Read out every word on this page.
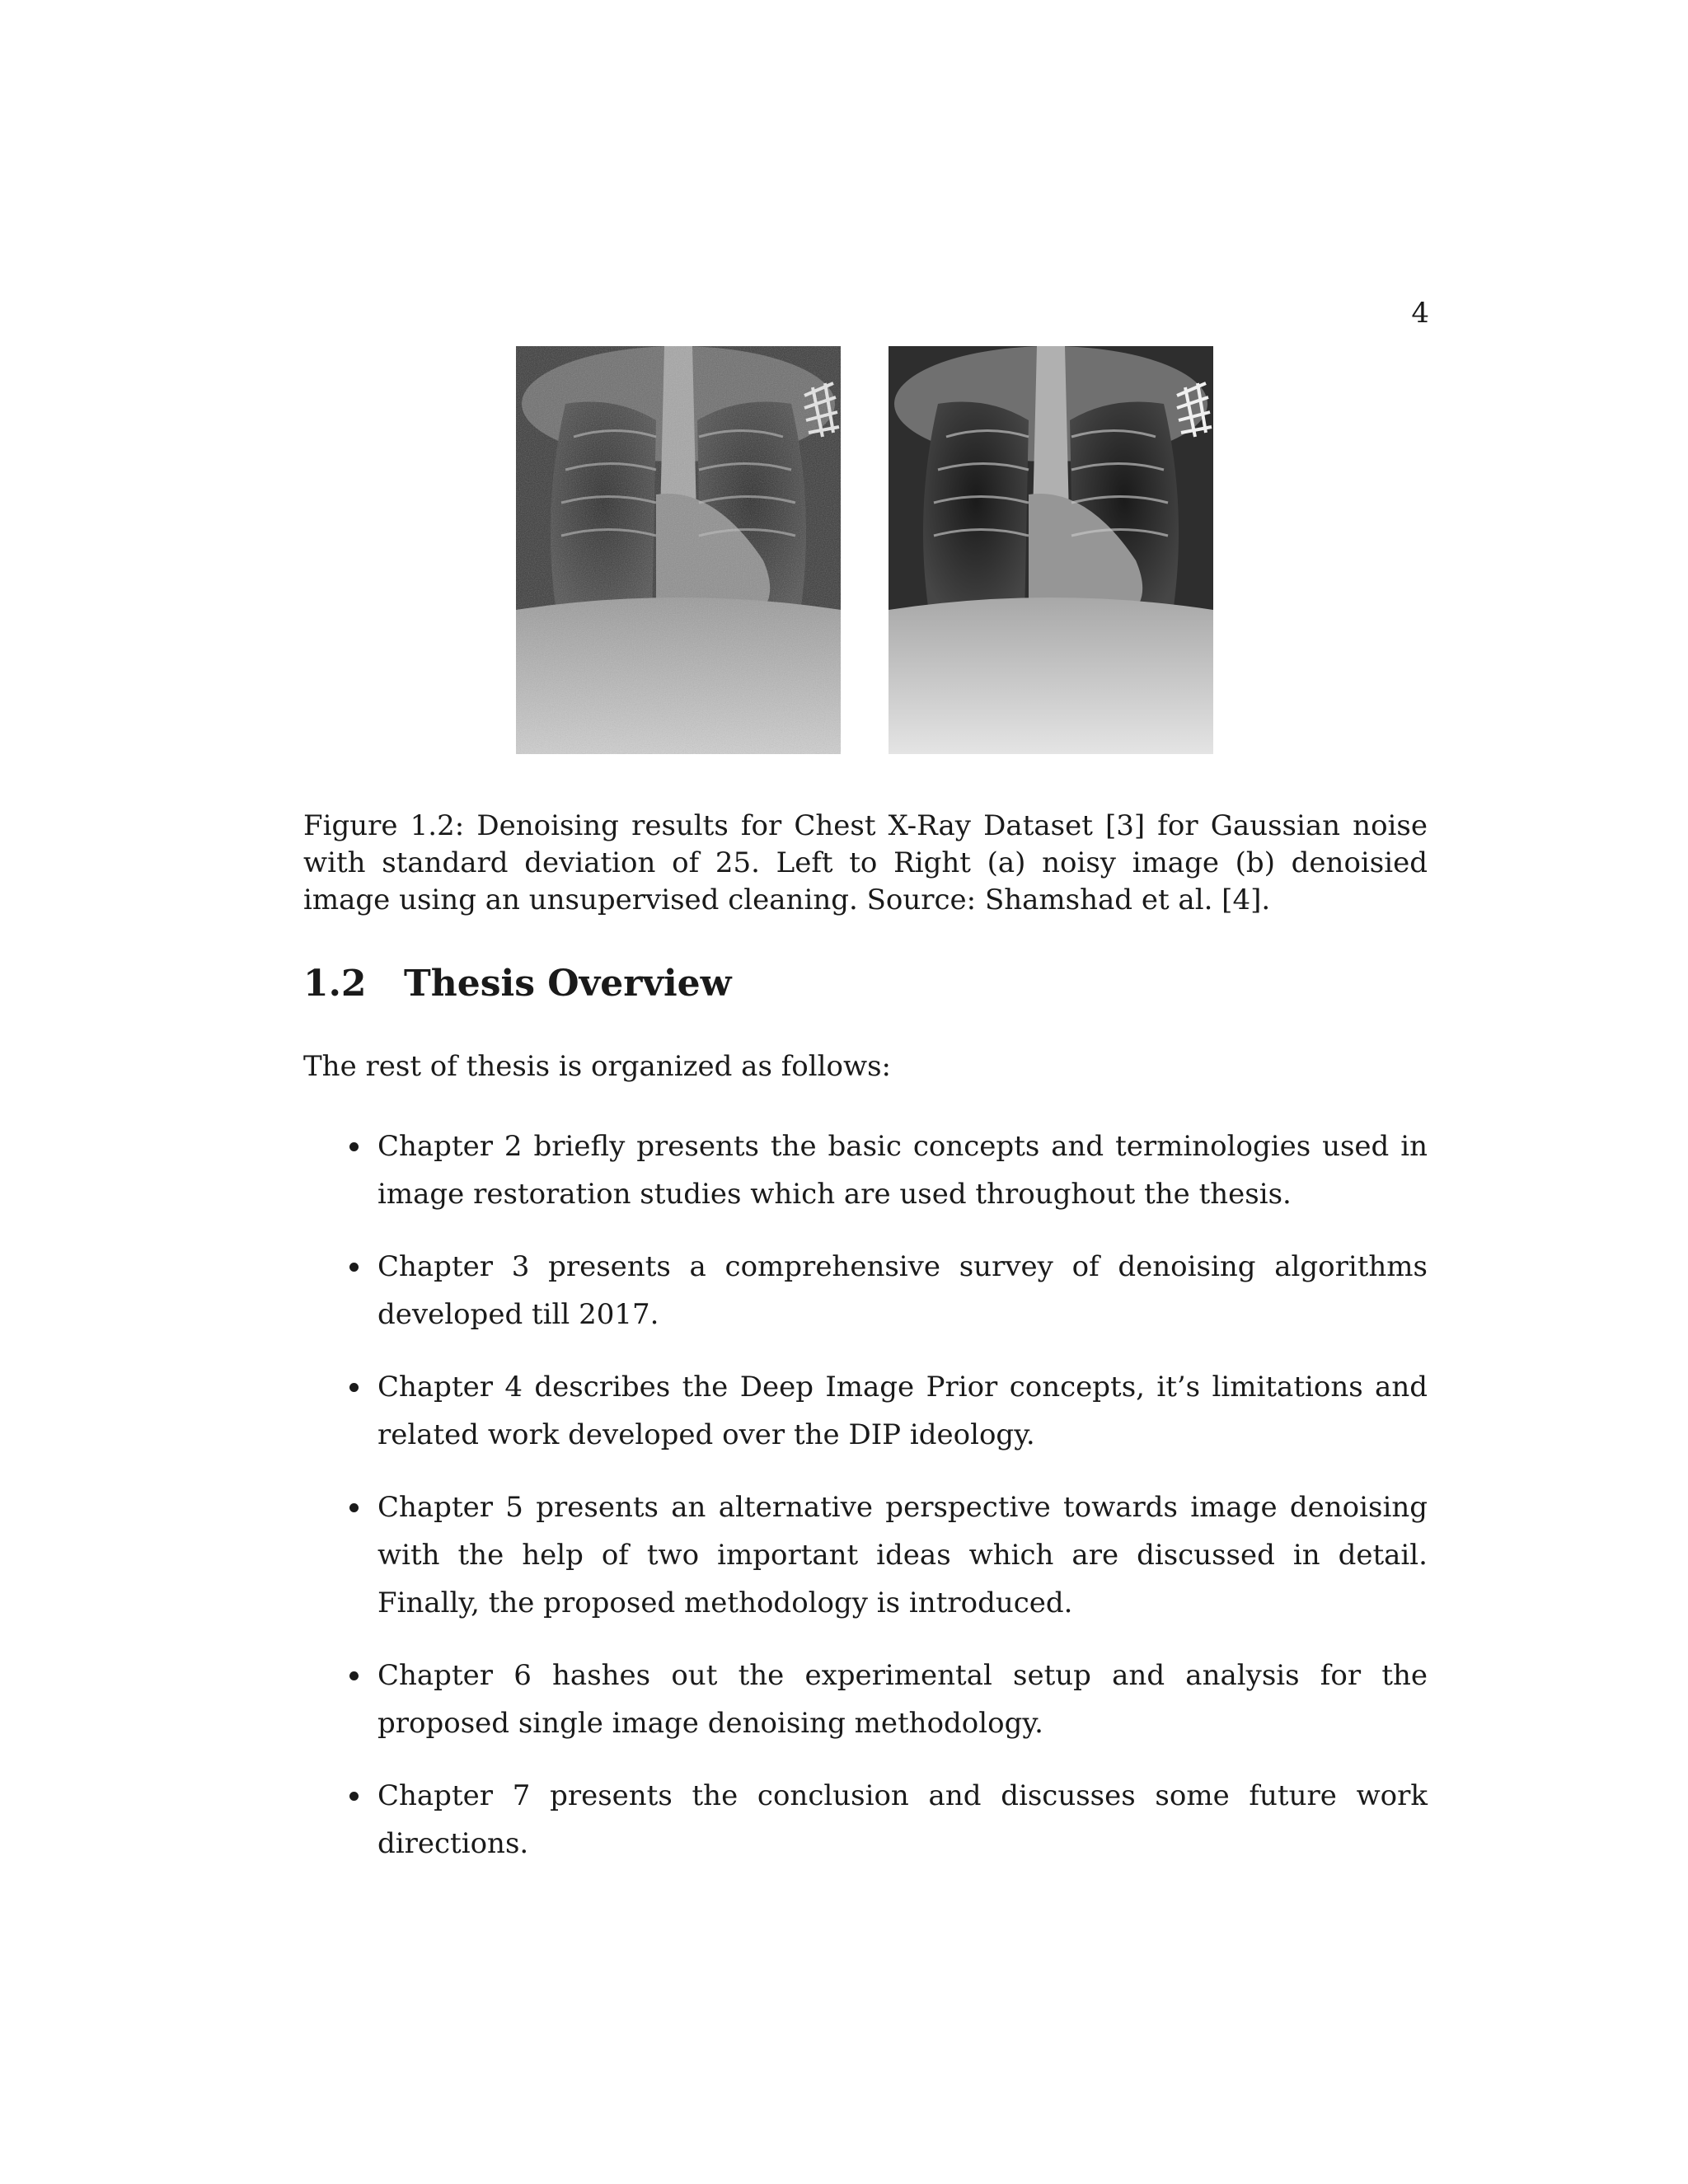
4
Figure 1.2: Denoising results for Chest X-Ray Dataset [3] for Gaussian noise with standard deviation of 25. Left to Right (a) noisy image (b) denoisied image using an unsupervised cleaning. Source: Shamshad et al. [4].
1.2 Thesis Overview
The rest of thesis is organized as follows:
Chapter 2 briefly presents the basic concepts and terminologies used in image restoration studies which are used throughout the thesis.
Chapter 3 presents a comprehensive survey of denoising algorithms developed till 2017.
Chapter 4 describes the Deep Image Prior concepts, it’s limitations and related work developed over the DIP ideology.
Chapter 5 presents an alternative perspective towards image denoising with the help of two important ideas which are discussed in detail. Finally, the proposed methodology is introduced.
Chapter 6 hashes out the experimental setup and analysis for the proposed single image denoising methodology.
Chapter 7 presents the conclusion and discusses some future work directions.
